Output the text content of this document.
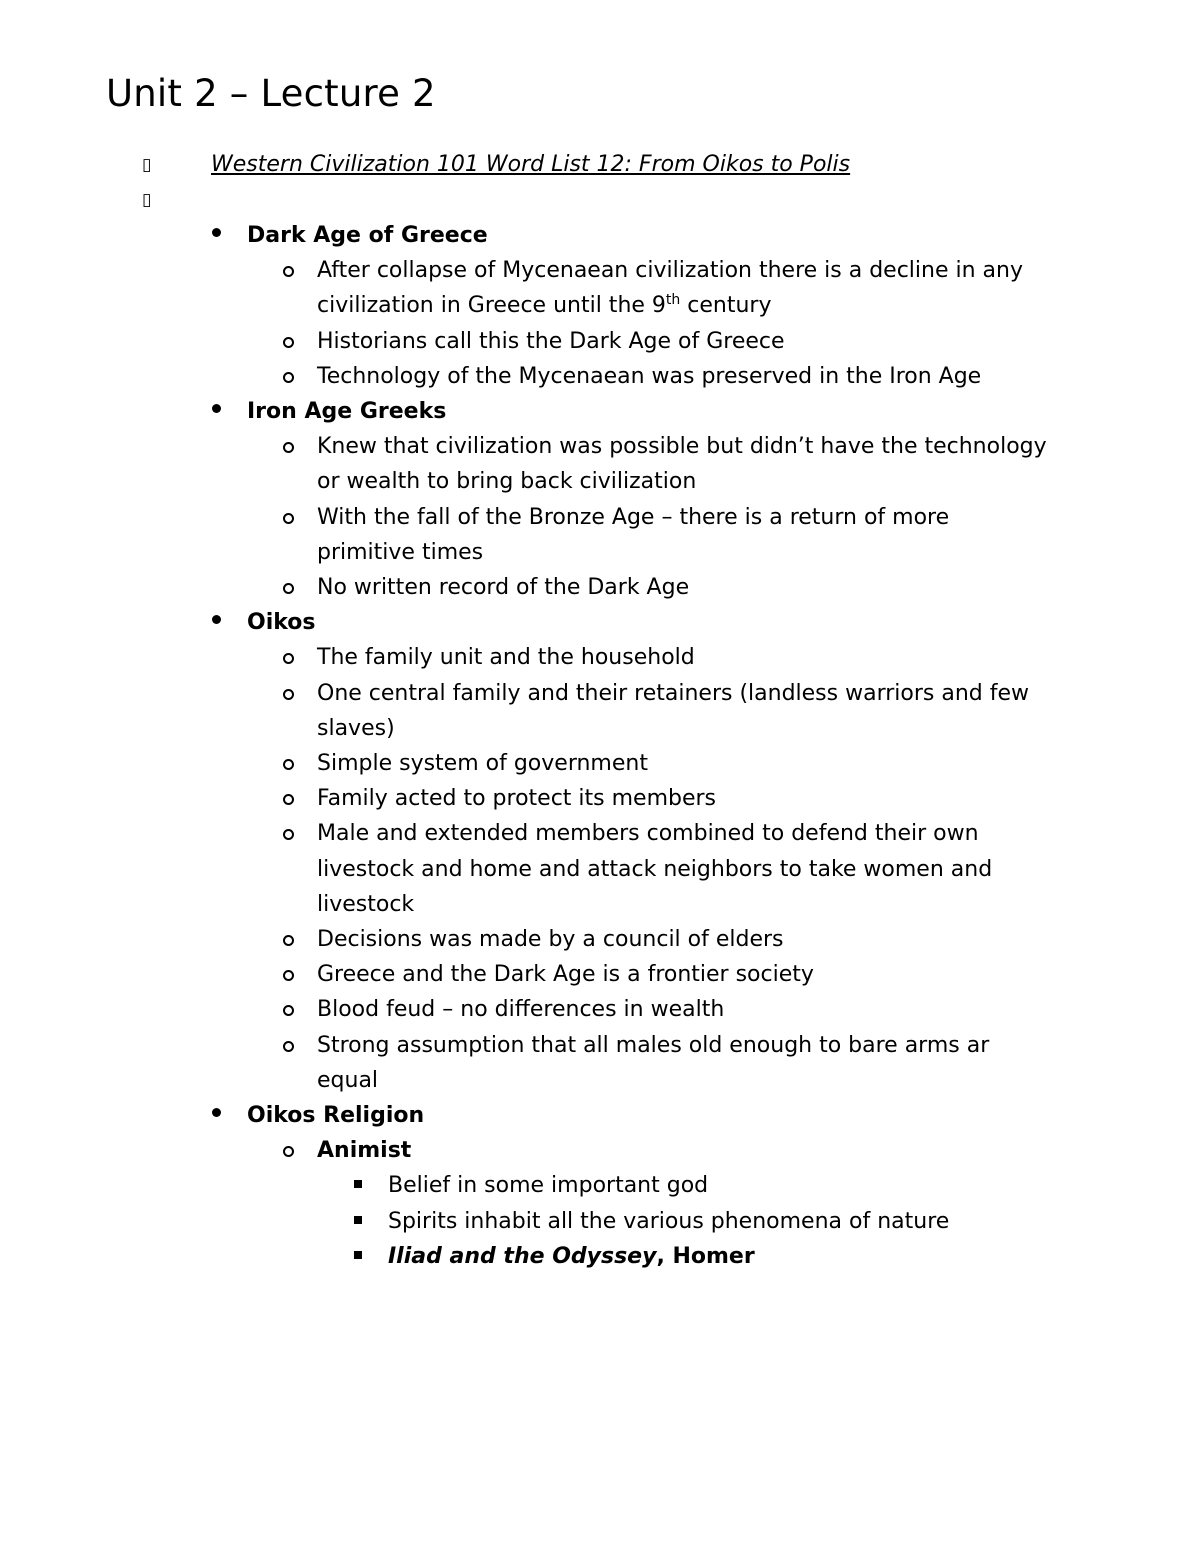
Unit 2 – Lecture 2
▯
▯

Western Civilization 101 Word List 12: From Oikos to Polis

Dark Age of Greece
After collapse of Mycenaean civilization there is a decline in any civilization in Greece until the 9th century
Historians call this the Dark Age of Greece
Technology of the Mycenaean was preserved in the Iron Age
Iron Age Greeks
Knew that civilization was possible but didn’t have the technology or wealth to bring back civilization
With the fall of the Bronze Age – there is a return of more primitive times
No written record of the Dark Age
Oikos
The family unit and the household
One central family and their retainers (landless warriors and few slaves)
Simple system of government
Family acted to protect its members
Male and extended members combined to defend their own livestock and home and attack neighbors to take women and livestock
Decisions was made by a council of elders
Greece and the Dark Age is a frontier society
Blood feud – no differences in wealth
Strong assumption that all males old enough to bare arms ar equal
Oikos Religion
Animist
Belief in some important god
Spirits inhabit all the various phenomena of nature
Iliad and the Odyssey, Homer
